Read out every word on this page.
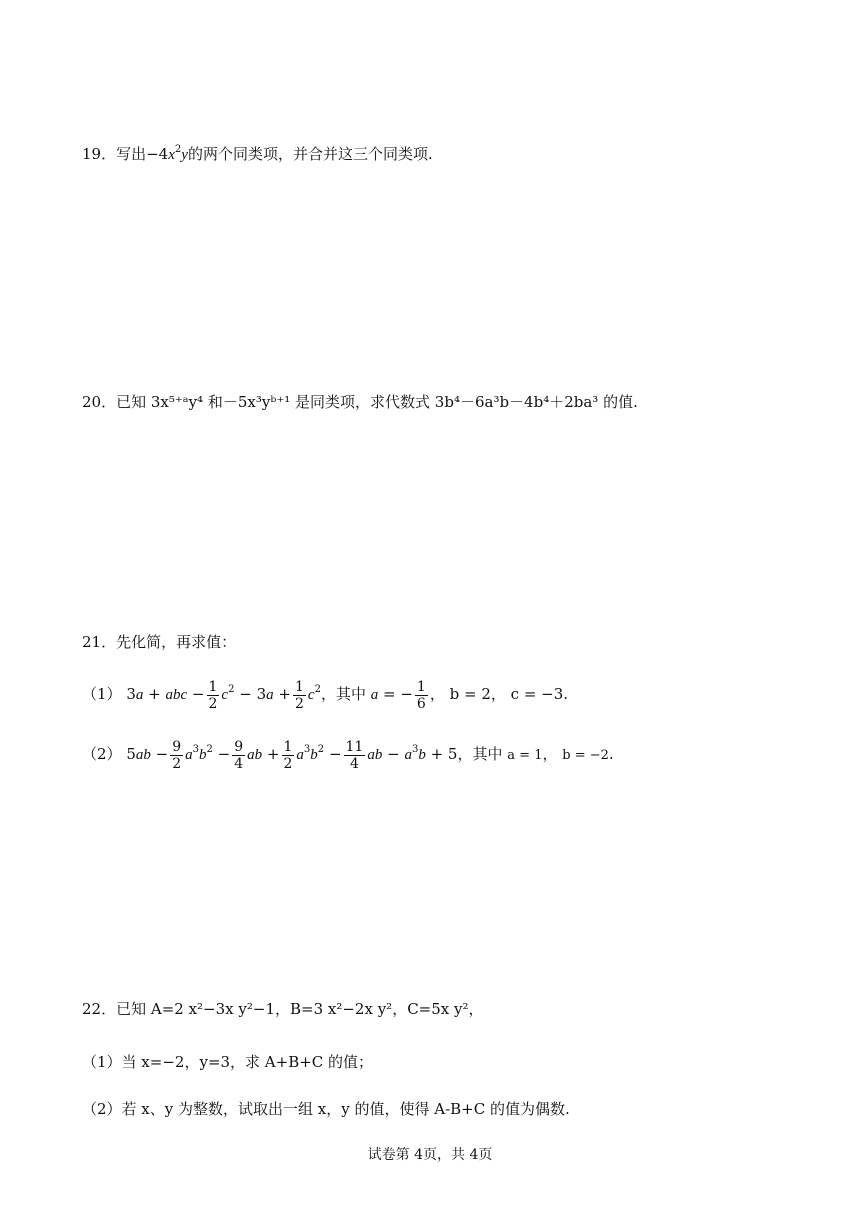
19．写出$-4x^2y$的两个同类项，并合并这三个同类项.
20．已知 3x⁵⁺ᵃy⁴ 和－5x³yᵇ⁺¹ 是同类项，求代数式 3b⁴－6a³b－4b⁴＋2ba³ 的值.
21．先化简，再求值：
（1） 3a + abc − $\frac{1}{2} c^2 - 3a + \frac{1}{2} c^2$，其中 a = − $\frac{1}{6}$ ， b = 2， c = −3.
（2） $5ab - \frac{9}{2} a^3b^2 - \frac{9}{4}$ ab + $\frac{1}{2} a^3b^2 - \frac{11}{4}$ ab − $a^3b + 5$，其中 a = 1， b = −2.
22．已知 A=2 x²−3x y²−1，B=3 x²−2x y²，C=5x y²，
（1）当 x=−2，y=3，求 A+B+C 的值；
（2）若 x、y 为整数，试取出一组 x，y 的值，使得 A-B+C 的值为偶数.
试卷第 4页，共 4页
